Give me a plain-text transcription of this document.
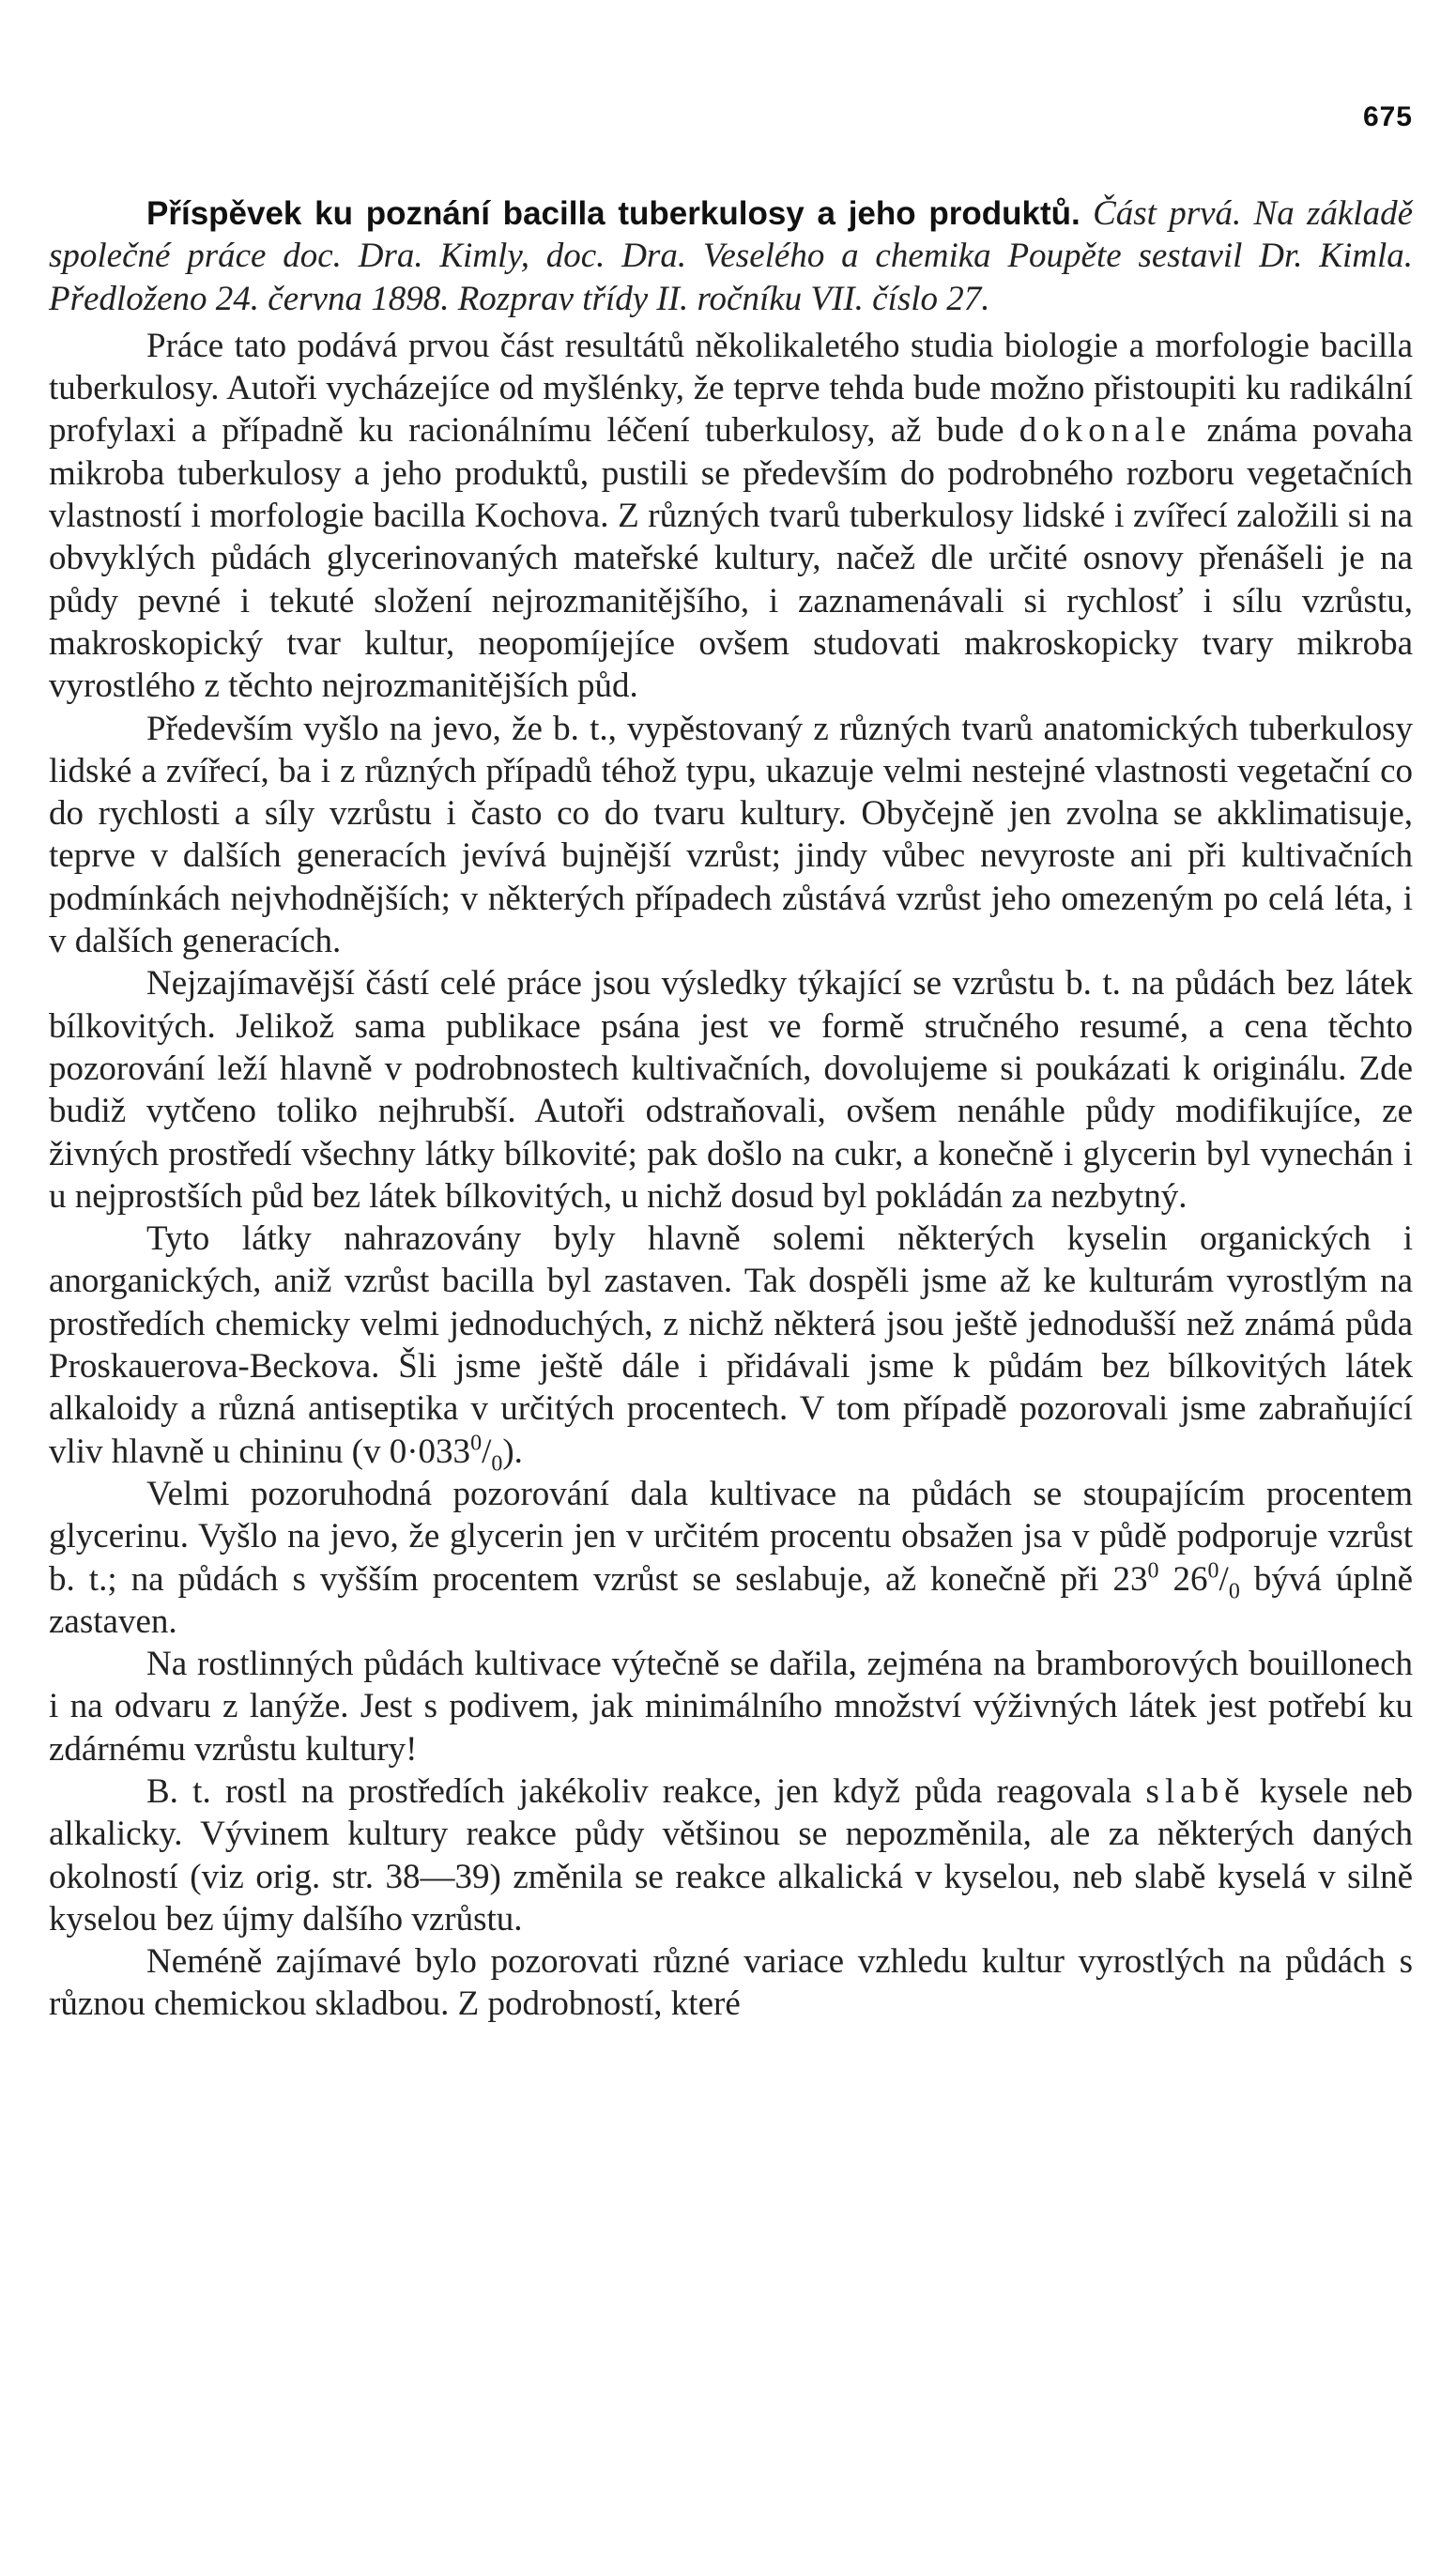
675

Příspěvek ku poznání bacilla tuberkulosy a jeho produktů. Část prvá. Na základě společné práce doc. Dra. Kimly, doc. Dra. Veselého a chemika Poupěte sestavil Dr. Kimla. Předloženo 24. června 1898. Rozprav třídy II. ročníku VII. číslo 27.

Práce tato podává prvou část resultátů několikaletého studia biologie a morfologie bacilla tuberkulosy. Autoři vycházejíce od myšlénky, že teprve tehda bude možno přistoupiti ku radikální profylaxi a případně ku racionálnímu léčení tuberkulosy, až bude dokonale známa povaha mikroba tuberkulosy a jeho produktů, pustili se především do podrobného rozboru vegetačních vlastností i morfologie bacilla Kochova. Z různých tvarů tuberkulosy lidské i zvířecí založili si na obvyklých půdách glycerinovaných mateřské kultury, načež dle určité osnovy přenášeli je na půdy pevné i tekuté složení nejrozmanitějšího, i zaznamenávali si rychlosť i sílu vzrůstu, makroskopický tvar kultur, neopomíjejíce ovšem studovati makroskopicky tvary mikroba vyrostlého z těchto nejrozmanitějších půd.

Především vyšlo na jevo, že b. t., vypěstovaný z různých tvarů anatomických tuberkulosy lidské a zvířecí, ba i z různých případů téhož typu, ukazuje velmi nestejné vlastnosti vegetační co do rychlosti a síly vzrůstu i často co do tvaru kultury. Obyčejně jen zvolna se akklimatisuje, teprve v dalších generacích jevívá bujnější vzrůst; jindy vůbec nevyroste ani při kultivačních podmínkách nejvhodnějších; v některých případech zůstává vzrůst jeho omezeným po celá léta, i v dalších generacích.

Nejzajímavější částí celé práce jsou výsledky týkající se vzrůstu b. t. na půdách bez látek bílkovitých. Jelikož sama publikace psána jest ve formě stručného resumé, a cena těchto pozorování leží hlavně v podrobnostech kultivačních, dovolujeme si poukázati k originálu. Zde budiž vytčeno toliko nejhrubší. Autoři odstraňovali, ovšem nenáhle půdy modifikujíce, ze živných prostředí všechny látky bílkovité; pak došlo na cukr, a konečně i glycerin byl vynechán i u nejprostších půd bez látek bílkovitých, u nichž dosud byl pokládán za nezbytný.

Tyto látky nahrazovány byly hlavně solemi některých kyselin organických i anorganických, aniž vzrůst bacilla byl zastaven. Tak dospěli jsme až ke kulturám vyrostlým na prostředích chemicky velmi jednoduchých, z nichž některá jsou ještě jednodušší než známá půda Proskauerova-Beckova. Šli jsme ještě dále i přidávali jsme k půdám bez bílkovitých látek alkaloidy a různá antiseptika v určitých procentech. V tom případě pozorovali jsme zabraňující vliv hlavně u chininu (v $0\cdot 033^0/_0$).

Velmi pozoruhodná pozorování dala kultivace na půdách se stoupajícím procentem glycerinu. Vyšlo na jevo, že glycerin jen v určitém procentu obsažen jsa v půdě podporuje vzrůst b. t.; na půdách s vyšším procentem vzrůst se seslabuje, až konečně při $23^0$ $26^0/_0$ bývá úplně zastaven.

Na rostlinných půdách kultivace výtečně se dařila, zejména na bramborových bouillonech i na odvaru z lanýže. Jest s podivem, jak minimálního množství výživných látek jest potřebí ku zdárnému vzrůstu kultury!

B. t. rostl na prostředích jakékoliv reakce, jen když půda reagovala slabě kysele neb alkalicky. Vývinem kultury reakce půdy většinou se nepozměnila, ale za některých daných okolností (viz orig. str. 38—39) změnila se reakce alkalická v kyselou, neb slabě kyselá v silně kyselou bez újmy dalšího vzrůstu.

Neméně zajímavé bylo pozorovati různé variace vzhledu kultur vyrostlých na půdách s různou chemickou skladbou. Z podrobností, které
